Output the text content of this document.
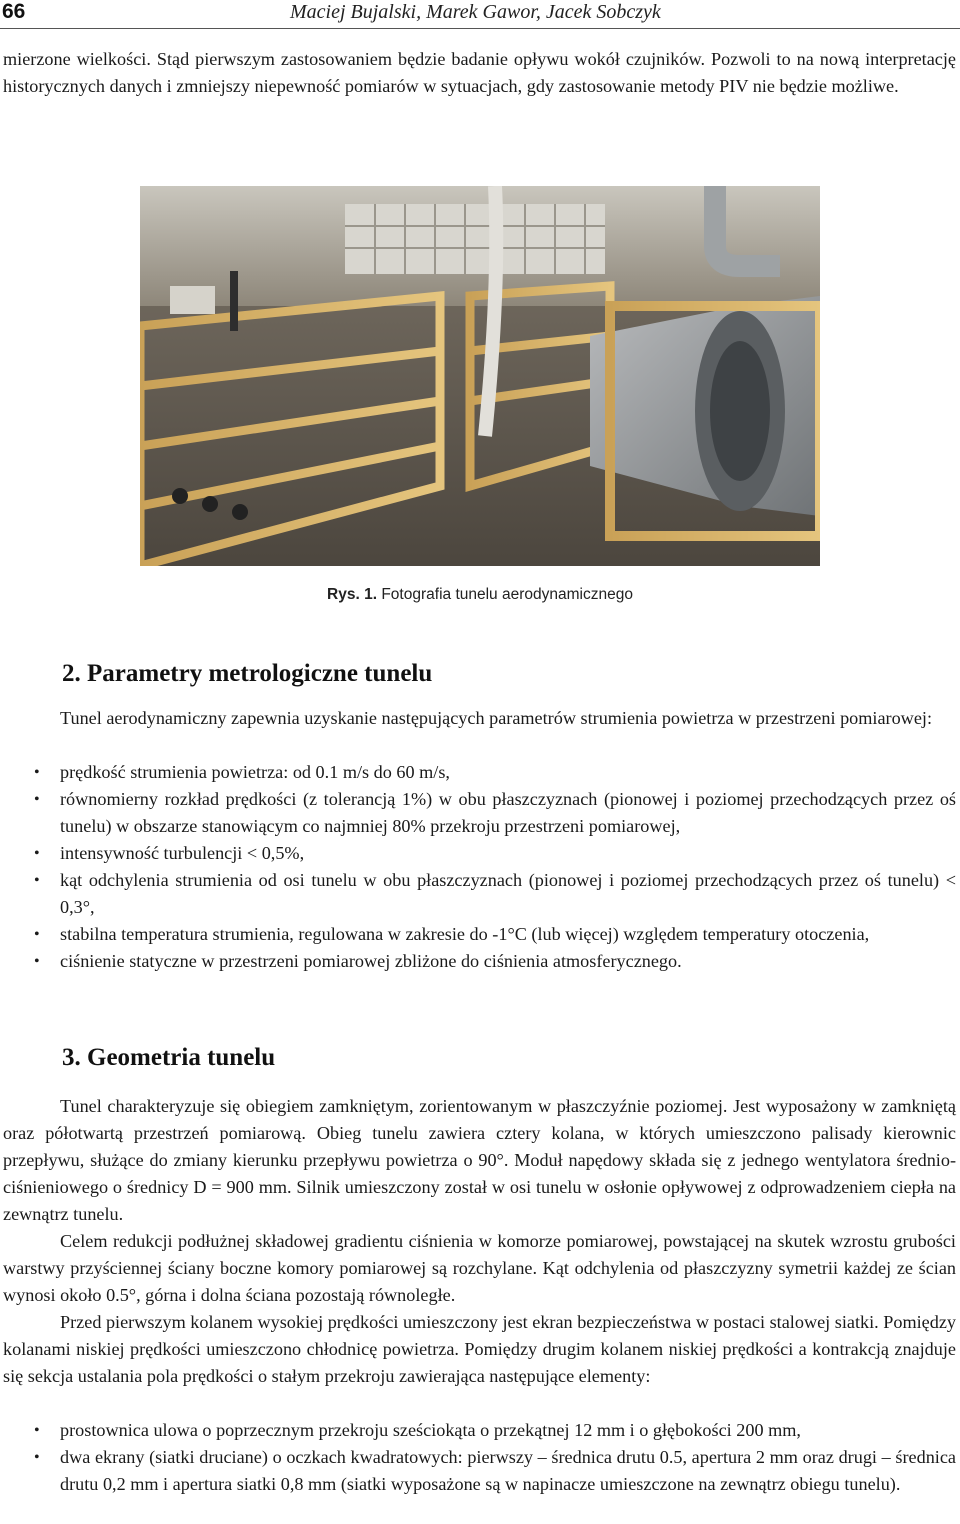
66	Maciej Bujalski, Marek Gawor, Jacek Sobczyk
mierzone wielkości. Stąd pierwszym zastosowaniem będzie badanie opływu wokół czujników. Pozwoli to na nową interpretację historycznych danych i zmniejszy niepewność pomiarów w sytuacjach, gdy zastosowanie metody PIV nie będzie możliwe.
Rys. 1. Fotografia tunelu aerodynamicznego
2. Parametry metrologiczne tunelu
Tunel aerodynamiczny zapewnia uzyskanie następujących parametrów strumienia powietrza w przestrzeni pomiarowej:
• prędkość strumienia powietrza: od 0.1 m/s do 60 m/s,
• równomierny rozkład prędkości (z tolerancją 1%) w obu płaszczyznach (pionowej i poziomej przechodzących przez oś tunelu) w obszarze stanowiącym co najmniej 80% przekroju przestrzeni pomiarowej,
• intensywność turbulencji < 0,5%,
• kąt odchylenia strumienia od osi tunelu w obu płaszczyznach (pionowej i poziomej przechodzących przez oś tunelu) < 0,3°,
• stabilna temperatura strumienia, regulowana w zakresie do -1°C (lub więcej) względem temperatury otoczenia,
• ciśnienie statyczne w przestrzeni pomiarowej zbliżone do ciśnienia atmosferycznego.
3. Geometria tunelu
Tunel charakteryzuje się obiegiem zamkniętym, zorientowanym w płaszczyźnie poziomej. Jest wyposażony w zamkniętą oraz półotwartą przestrzeń pomiarową. Obieg tunelu zawiera cztery kolana, w których umieszczono palisady kierownic przepływu, służące do zmiany kierunku przepływu powietrza o 90°. Moduł napędowy składa się z jednego wentylatora średnio-ciśnieniowego o średnicy D = 900 mm. Silnik umieszczony został w osi tunelu w osłonie opływowej z odprowadzeniem ciepła na zewnątrz tunelu.
Celem redukcji podłużnej składowej gradientu ciśnienia w komorze pomiarowej, powstającej na skutek wzrostu grubości warstwy przyściennej ściany boczne komory pomiarowej są rozchylane. Kąt odchylenia od płaszczyzny symetrii każdej ze ścian wynosi około 0.5°, górna i dolna ściana pozostają równoległe.
Przed pierwszym kolanem wysokiej prędkości umieszczony jest ekran bezpieczeństwa w postaci stalowej siatki. Pomiędzy kolanami niskiej prędkości umieszczono chłodnicę powietrza. Pomiędzy drugim kolanem niskiej prędkości a kontrakcją znajduje się sekcja ustalania pola prędkości o stałym przekroju zawierająca następujące elementy:
• prostownica ulowa o poprzecznym przekroju sześciokąta o przekątnej 12 mm i o głębokości 200 mm,
• dwa ekrany (siatki druciane) o oczkach kwadratowych: pierwszy – średnica drutu 0.5, apertura 2 mm oraz drugi – średnica drutu 0,2 mm i apertura siatki 0,8 mm (siatki wyposażone są w napinacze umieszczone na zewnątrz obiegu tunelu).
